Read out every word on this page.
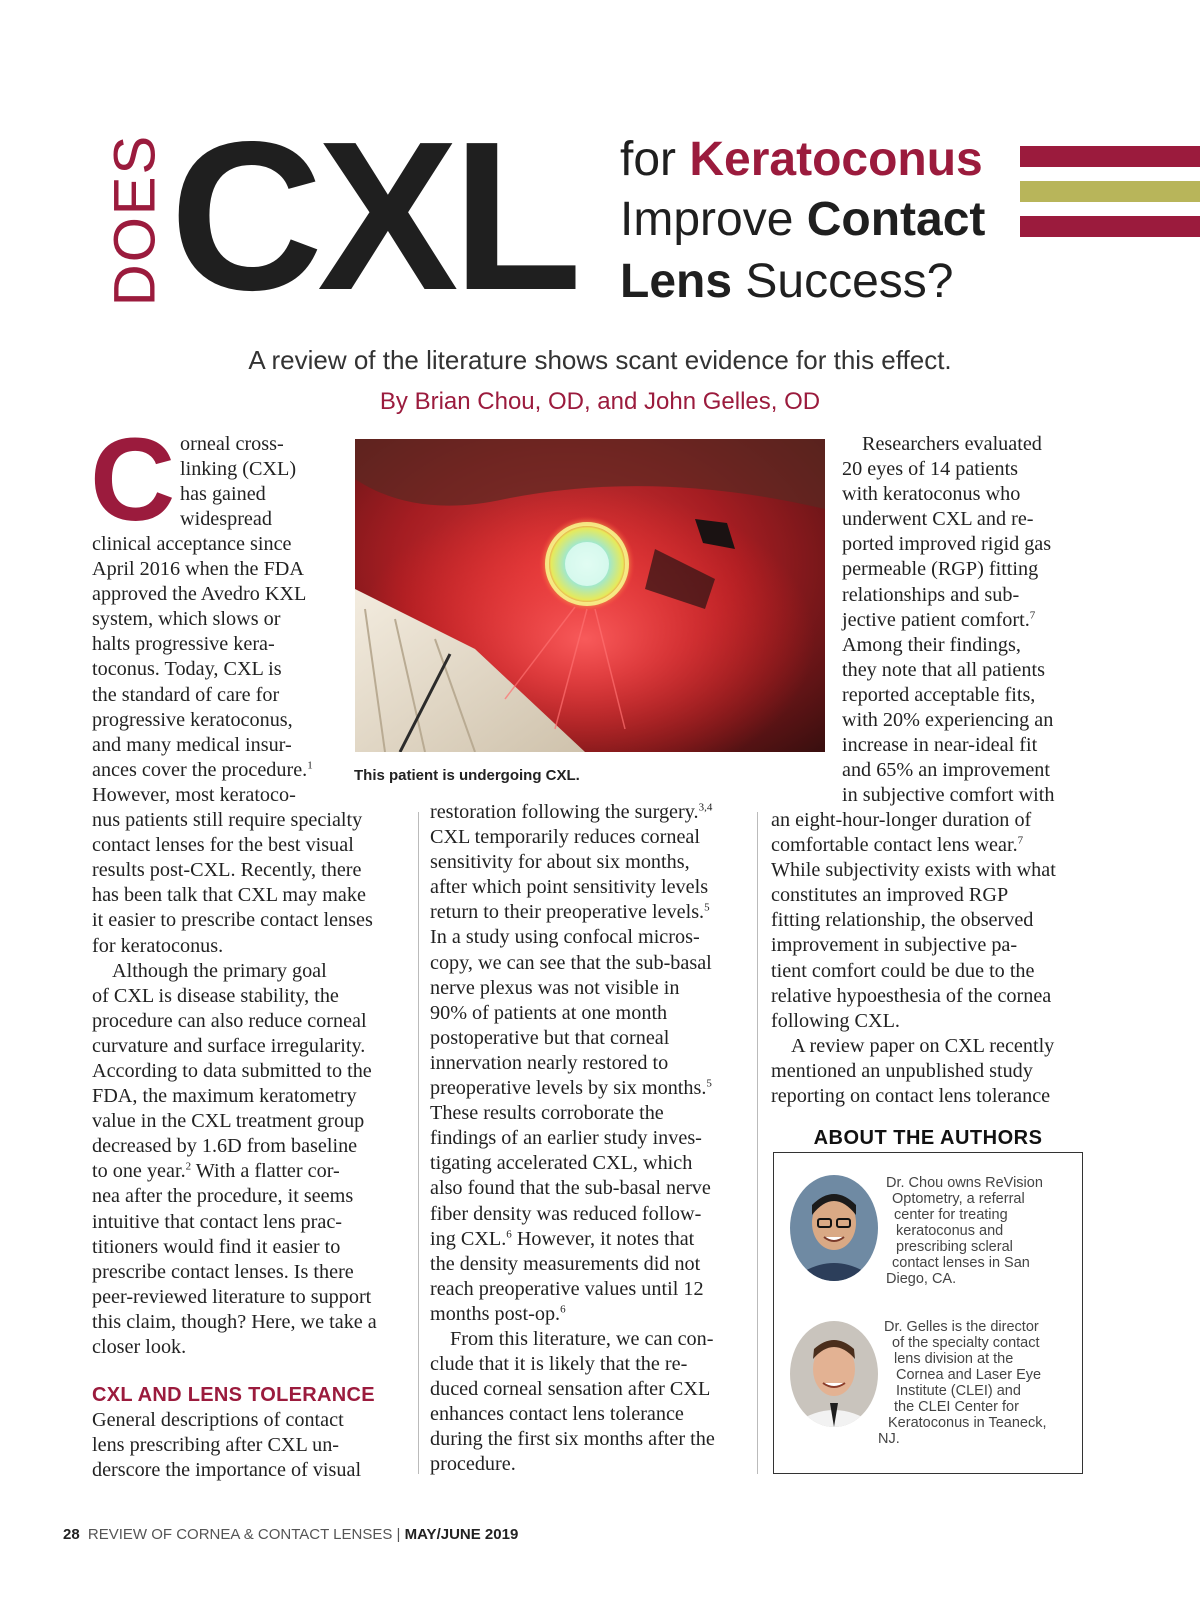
DOES CXL for Keratoconus
Improve Contact
Lens Success?
A review of the literature shows scant evidence for this effect.
By Brian Chou, OD, and John Gelles, OD
C orneal cross-

linking (CXL)

has gained

widespread

clinical acceptance since

April 2016 when the FDA

approved the Avedro KXL

system, which slows or

halts progressive kera-

toconus. Today, CXL is

the standard of care for

progressive keratoconus,

and many medical insur-

ances cover the procedure.$^1$

However, most keratoco-

nus patients still require specialty

contact lenses for the best visual

results post-CXL. Recently, there

has been talk that CXL may make

it easier to prescribe contact lenses

for keratoconus.

Although the primary goal

of CXL is disease stability, the

procedure can also reduce corneal

curvature and surface irregularity.

According to data submitted to the

FDA, the maximum keratometry

value in the CXL treatment group

decreased by 1.6D from baseline

to one year.$^2$ With a flatter cor-

nea after the procedure, it seems

intuitive that contact lens prac-

titioners would find it easier to

prescribe contact lenses. Is there

peer-reviewed literature to support

this claim, though? Here, we take a

closer look.

CXL AND LENS TOLERANCE

General descriptions of contact

lens prescribing after CXL un-

derscore the importance of visual

This patient is undergoing CXL.

restoration following the surgery.$^{3,4}$

CXL temporarily reduces corneal

sensitivity for about six months,

after which point sensitivity levels

return to their preoperative levels.$^5$

In a study using confocal micros-

copy, we can see that the sub-basal

nerve plexus was not visible in

90% of patients at one month

postoperative but that corneal

innervation nearly restored to

preoperative levels by six months.$^5$

These results corroborate the

findings of an earlier study inves-

tigating accelerated CXL, which

also found that the sub-basal nerve

fiber density was reduced follow-

ing CXL.$^6$ However, it notes that

the density measurements did not

reach preoperative values until 12

months post-op.$^6$

From this literature, we can con-

clude that it is likely that the re-

duced corneal sensation after CXL

enhances contact lens tolerance

during the first six months after the

procedure.

Researchers evaluated

20 eyes of 14 patients

with keratoconus who

underwent CXL and re-

ported improved rigid gas

permeable (RGP) fitting

relationships and sub-

jective patient comfort.$^7$

Among their findings,

they note that all patients

reported acceptable fits,

with 20% experiencing an

increase in near-ideal fit

and 65% an improvement

in subjective comfort with

an eight-hour-longer duration of

comfortable contact lens wear.$^7$

While subjectivity exists with what

constitutes an improved RGP

fitting relationship, the observed

improvement in subjective pa-

tient comfort could be due to the

relative hypoesthesia of the cornea

following CXL.

A review paper on CXL recently

mentioned an unpublished study

reporting on contact lens tolerance

ABOUT THE AUTHORS
Dr. Chou owns ReVision
Optometry, a referral
center for treating
keratoconus and
prescribing scleral
contact lenses in San
Diego, CA.
Dr. Gelles is the director
of the specialty contact
lens division at the
Cornea and Laser Eye
Institute (CLEI) and
the CLEI Center for
Keratoconus in Teaneck,
NJ.
28 REVIEW OF CORNEA & CONTACT LENSES | MAY/JUNE 2019
